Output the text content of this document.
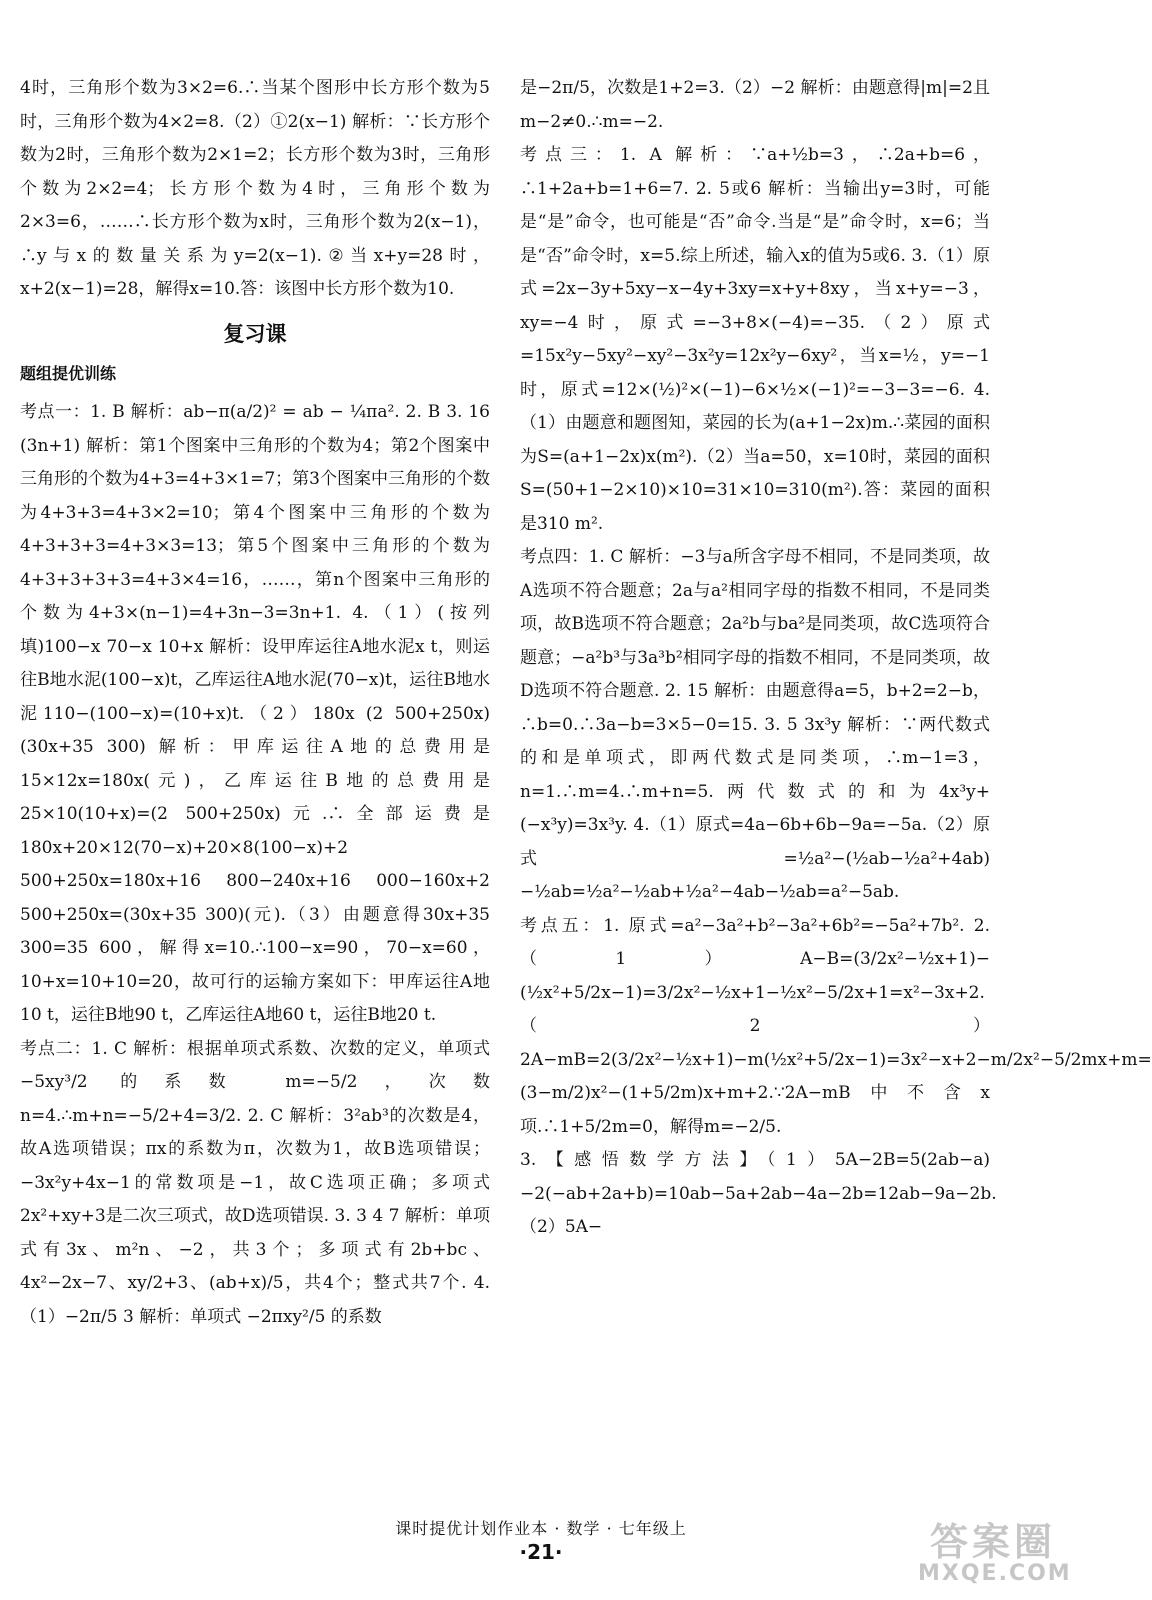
4时，三角形个数为3×2=6.∴当某个图形中长方形个数为5时，三角形个数为4×2=8.（2）①2(x−1) 解析：∵长方形个数为2时，三角形个数为2×1=2；长方形个数为3时，三角形个数为2×2=4；长方形个数为4时，三角形个数为2×3=6，……∴长方形个数为x时，三角形个数为2(x−1)，∴y与x的数量关系为y=2(x−1).②当x+y=28时，x+2(x−1)=28，解得x=10.答：该图中长方形个数为10.

复习课
题组提优训练

考点一：1. B 解析：ab−π(a/2)² = ab − ¼πa². 2. B 3. 16 (3n+1) 解析：第1个图案中三角形的个数为4；第2个图案中三角形的个数为4+3=4+3×1=7；第3个图案中三角形的个数为4+3+3=4+3×2=10；第4个图案中三角形的个数为4+3+3+3=4+3×3=13；第5个图案中三角形的个数为4+3+3+3+3=4+3×4=16，……，第n个图案中三角形的个数为4+3×(n−1)=4+3n−3=3n+1. 4.（1）(按列填)100−x 70−x 10+x 解析：设甲库运往A地水泥x t，则运往B地水泥(100−x)t，乙库运往A地水泥(70−x)t，运往B地水泥110−(100−x)=(10+x)t.（2）180x (2 500+250x) (30x+35 300) 解析：甲库运往A地的总费用是15×12x=180x(元)，乙库运往B地的总费用是25×10(10+x)=(2 500+250x)元.∴全部运费是180x+20×12(70−x)+20×8(100−x)+2 500+250x=180x+16 800−240x+16 000−160x+2 500+250x=(30x+35 300)(元).（3）由题意得30x+35 300=35 600，解得x=10.∴100−x=90，70−x=60，10+x=10+10=20，故可行的运输方案如下：甲库运往A地10 t，运往B地90 t，乙库运往A地60 t，运往B地20 t.

考点二：1. C 解析：根据单项式系数、次数的定义，单项式 −5xy³/2 的系数 m=−5/2，次数 n=4.∴m+n=−5/2+4=3/2. 2. C 解析：3²ab³的次数是4，故A选项错误；πx的系数为π，次数为1，故B选项错误；−3x²y+4x−1的常数项是−1，故C选项正确；多项式2x²+xy+3是二次三项式，故D选项错误. 3. 3 4 7 解析：单项式有3x、m²n、−2，共3个；多项式有2b+bc、4x²−2x−7、xy/2+3、(ab+x)/5，共4个；整式共7个. 4.（1）−2π/5 3 解析：单项式 −2πxy²/5 的系数

是−2π/5，次数是1+2=3.（2）−2 解析：由题意得|m|=2且m−2≠0.∴m=−2.

考点三：1. A 解析：∵a+½b=3，∴2a+b=6，∴1+2a+b=1+6=7. 2. 5或6 解析：当输出y=3时，可能是“是”命令，也可能是“否”命令.当是“是”命令时，x=6；当是“否”命令时，x=5.综上所述，输入x的值为5或6. 3.（1）原式=2x−3y+5xy−x−4y+3xy=x+y+8xy，当x+y=−3，xy=−4时，原式=−3+8×(−4)=−35.（2）原式=15x²y−5xy²−xy²−3x²y=12x²y−6xy²，当x=½，y=−1时，原式=12×(½)²×(−1)−6×½×(−1)²=−3−3=−6. 4.（1）由题意和题图知，菜园的长为(a+1−2x)m.∴菜园的面积为S=(a+1−2x)x(m²).（2）当a=50，x=10时，菜园的面积S=(50+1−2×10)×10=31×10=310(m²).答：菜园的面积是310 m².

考点四：1. C 解析：−3与a所含字母不相同，不是同类项，故A选项不符合题意；2a与a²相同字母的指数不相同，不是同类项，故B选项不符合题意；2a²b与ba²是同类项，故C选项符合题意；−a²b³与3a³b²相同字母的指数不相同，不是同类项，故D选项不符合题意. 2. 15 解析：由题意得a=5，b+2=2−b，∴b=0.∴3a−b=3×5−0=15. 3. 5 3x³y 解析：∵两代数式的和是单项式，即两代数式是同类项，∴m−1=3，n=1.∴m=4.∴m+n=5.两代数式的和为4x³y+(−x³y)=3x³y. 4.（1）原式=4a−6b+6b−9a=−5a.（2）原式=½a²−(½ab−½a²+4ab)−½ab=½a²−½ab+½a²−4ab−½ab=a²−5ab.

考点五：1. 原式=a²−3a²+b²−3a²+6b²=−5a²+7b². 2.（1）A−B=(3/2x²−½x+1)−(½x²+5/2x−1)=3/2x²−½x+1−½x²−5/2x+1=x²−3x+2.（2）2A−mB=2(3/2x²−½x+1)−m(½x²+5/2x−1)=3x²−x+2−m/2x²−5/2mx+m=(3−m/2)x²−(1+5/2m)x+m+2.∵2A−mB中不含x项.∴1+5/2m=0，解得m=−2/5.

3.【感悟数学方法】（1）5A−2B=5(2ab−a)−2(−ab+2a+b)=10ab−5a+2ab−4a−2b=12ab−9a−2b.（2）5A−

课时提优计划作业本 · 数学 · 七年级上
·21·	答案圈
MXQE.COM
